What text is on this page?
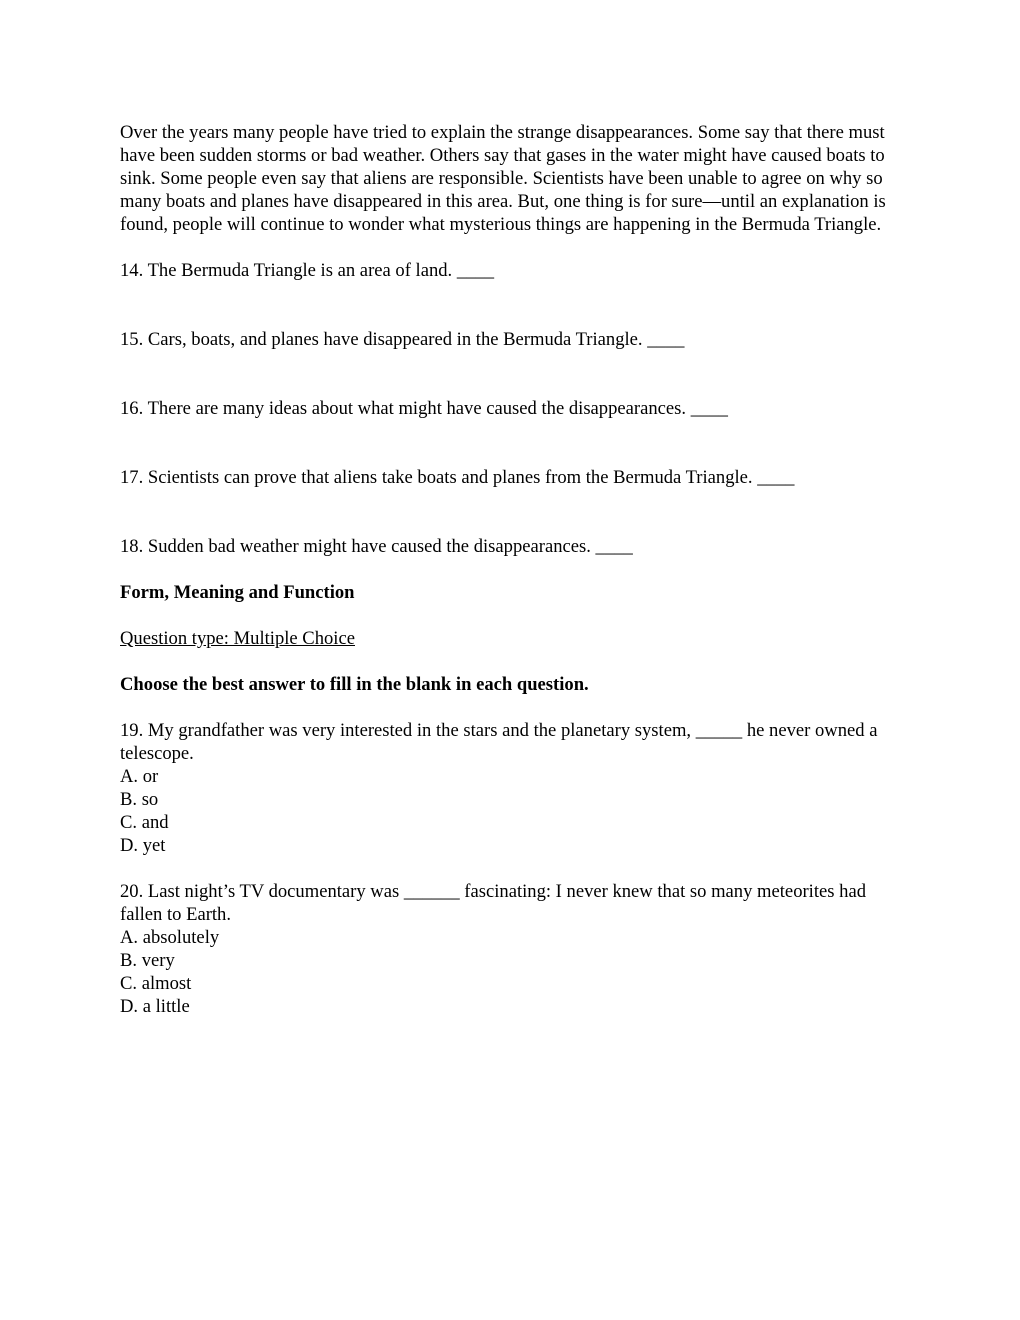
Over the years many people have tried to explain the strange disappearances. Some say that there must have been sudden storms or bad weather. Others say that gases in the water might have caused boats to sink. Some people even say that aliens are responsible. Scientists have been unable to agree on why so many boats and planes have disappeared in this area. But, one thing is for sure—until an explanation is found, people will continue to wonder what mysterious things are happening in the Bermuda Triangle.

14. The Bermuda Triangle is an area of land. ____
15. Cars, boats, and planes have disappeared in the Bermuda Triangle. ____
16. There are many ideas about what might have caused the disappearances. ____
17. Scientists can prove that aliens take boats and planes from the Bermuda Triangle. ____
18. Sudden bad weather might have caused the disappearances. ____

Form, Meaning and Function

Question type: Multiple Choice

Choose the best answer to fill in the blank in each question.

19. My grandfather was very interested in the stars and the planetary system, _____ he never owned a telescope.

A. or
B. so
C. and
D. yet

20. Last night’s TV documentary was ______ fascinating: I never knew that so many meteorites had fallen to Earth.

A. absolutely
B. very
C. almost
D. a little
